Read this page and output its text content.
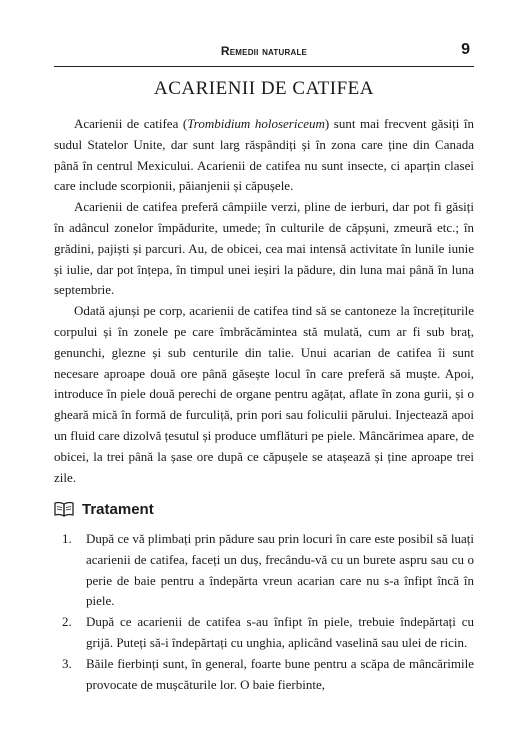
Remedii naturale	9
ACARIENII DE CATIFEA

Acarienii de catifea (Trombidium holosericeum) sunt mai frecvent găsiți în sudul Statelor Unite, dar sunt larg răspândiți și în zona care ține din Canada până în centrul Mexicului. Acarienii de catifea nu sunt insecte, ci aparțin clasei care include scorpionii, păianjenii și căpușele.

Acarienii de catifea preferă câmpiile verzi, pline de ierburi, dar pot fi găsiți în adâncul zonelor împădurite, umede; în culturile de căpșuni, zmeură etc.; în grădini, pajiști și parcuri. Au, de obicei, cea mai intensă activitate în lunile iunie și iulie, dar pot înțepa, în timpul unei ieșiri la pădure, din luna mai până în luna septembrie.

Odată ajunși pe corp, acarienii de catifea tind să se cantoneze la încrețiturile corpului și în zonele pe care îmbrăcămintea stă mulată, cum ar fi sub braț, genunchi, glezne și sub centurile din talie. Unui acarian de catifea îi sunt necesare aproape două ore până găsește locul în care preferă să muște. Apoi, introduce în piele două perechi de organe pentru agățat, aflate în zona gurii, și o gheară mică în formă de furculiță, prin pori sau foliculii părului. Injectează apoi un fluid care dizolvă țesutul și produce umflături pe piele. Mâncărimea apare, de obicei, la trei până la șase ore după ce căpușele se atașează și ține aproape trei zile.

Tratament
1. După ce vă plimbați prin pădure sau prin locuri în care este posibil să luați acarienii de catifea, faceți un duș, frecându-vă cu un burete aspru sau cu o perie de baie pentru a îndepărta vreun acarian care nu s-a înfipt încă în piele.
2. După ce acarienii de catifea s-au înfipt în piele, trebuie îndepărtați cu grijă. Puteți să-i îndepărtați cu unghia, aplicând vaselină sau ulei de ricin.
3. Băile fierbinți sunt, în general, foarte bune pentru a scăpa de mâncărimile provocate de mușcăturile lor. O baie fierbinte,
